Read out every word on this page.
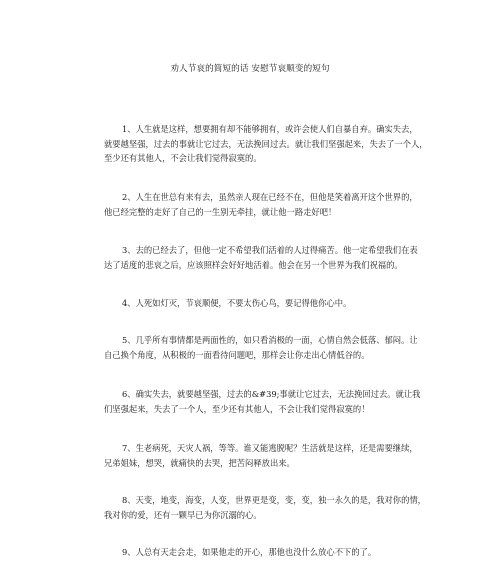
劝人节哀的简短的话 安慰节哀顺变的短句

1、人生就是这样，想要拥有却不能够拥有，或许会使人们自暴自弃。确实失去，
就要越坚强，过去的事就让它过去，无法挽回过去。就让我们坚强起来，失去了一个人，
至少还有其他人，不会让我们觉得寂寞的。

2、人生在世总有来有去，虽然亲人现在已经不在，但他是笑着离开这个世界的，
他已经完整的走好了自己的一生别无牵挂，就让他一路走好吧！

3、去的已经去了，但他一定不希望我们活着的人过得痛苦。他一定希望我们在表
达了适度的悲哀之后，应该照样会好好地活着。他会在另一个世界为我们祝福的。

4、人死如灯灭，节哀顺便，不要太伤心鸟，要记得他你心中。

5、几乎所有事情都是两面性的，如只看消极的一面，心情自然会低落、郁闷。让
自己换个角度，从积极的一面看待问题吧，那样会让你走出心情低谷的。

6、确实失去，就要越坚强，过去的&#39;事就让它过去，无法挽回过去。就让我
们坚强起来，失去了一个人，至少还有其他人，不会让我们觉得寂寞的！

7、生老病死，天灾人祸，等等。谁又能逃脱呢？生活就是这样，还是需要继续，
兄弟姐妹，想哭，就痛快的去哭，把苦闷释放出来。

8、天变，地变，海变，人变，世界更是变，变，变，独一永久的是，我对你的情，
我对你的爱，还有一颗早已为你沉溺的心。

9、人总有天走会走，如果他走的开心，那他也没什么放心不下的了。
